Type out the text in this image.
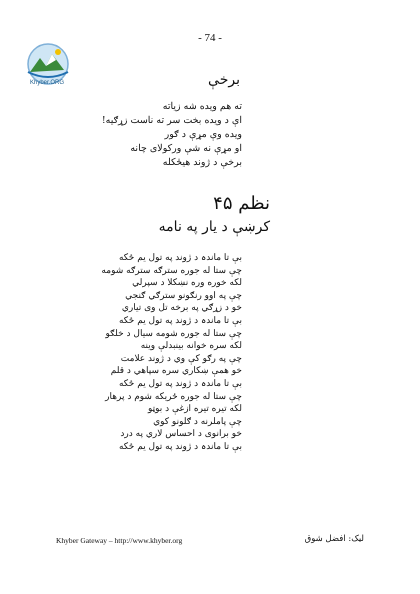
- 74 -
Khyber.ORG	برخې
ته هم ویده شه زیاته
اې د ویده بخت سر ته ناست زړګیه!
ویده وې مړې د ګور
او مړې نه شې ورکولای چانه
برخې د ژوند هیڅکله
نظم ۴۵
کرښې د یار په نامه
بې تا ماندہ د ژوند په تول یم ځکه
چې ستا له جوره سترګه سترګه شومه
لکه خوره وره نښکلا د سپرلي
چې په اوو رنګونو سترګي ګنجي
خو د زړګي په برخه تل وی تیاري
بې تا ماندہ د ژوند په تول یم ځکه
چې ستا له جوره شومه سیال د خلګو
لکه سره خوانه بینبدلې وینه
چې په رګو کې وي د ژوند علامت
خو همې ښکاري سره سپاهي د قلم
بې تا ماندہ د ژوند په تول یم ځکه
چې ستا له جوره ځریکه شوم د پرهار
لکه تیره تیره ازغې د بوټو
چې پاملرنه د ګلونو کوي
خو برانوی د احساس لاري په درد
بې تا ماندہ د ژوند په تول یم ځکه
Khyber Gateway – http://www.khyber.org	لیک: افضل شوق
